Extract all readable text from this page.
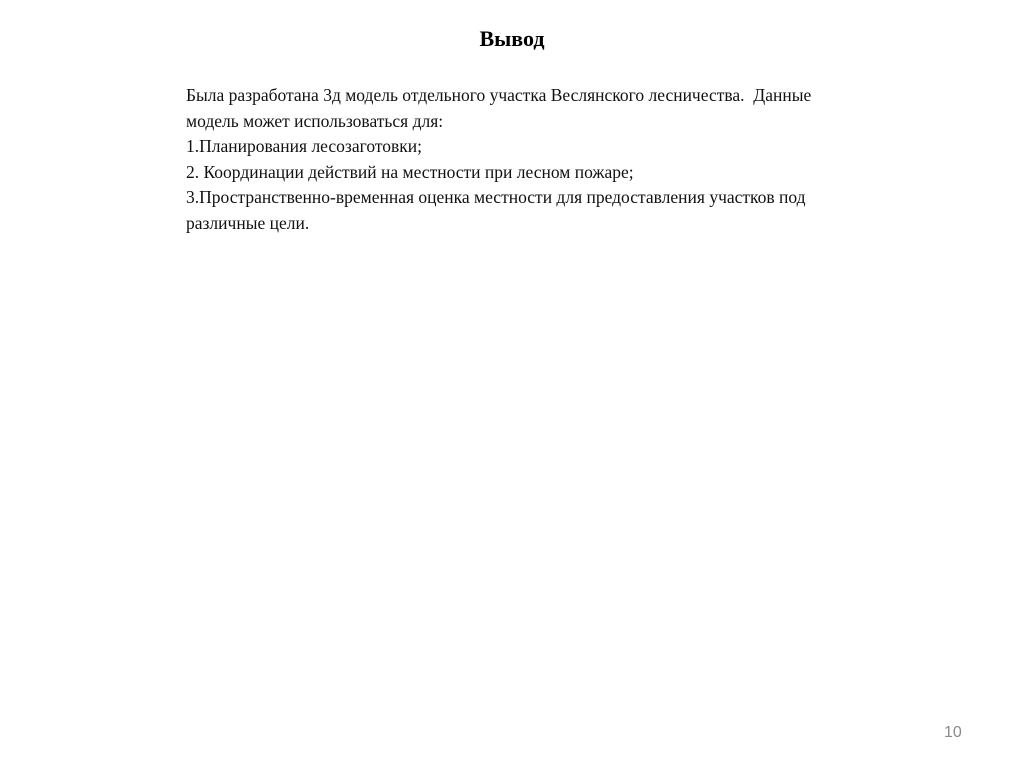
Вывод

Была разработана 3д модель отдельного участка Веслянского лесничества.  Данные

модель может использоваться для:

1.Планирования лесозаготовки;

2. Координации действий на местности при лесном пожаре;

3.Пространственно-временная оценка местности для предоставления участков под

различные цели.

10
